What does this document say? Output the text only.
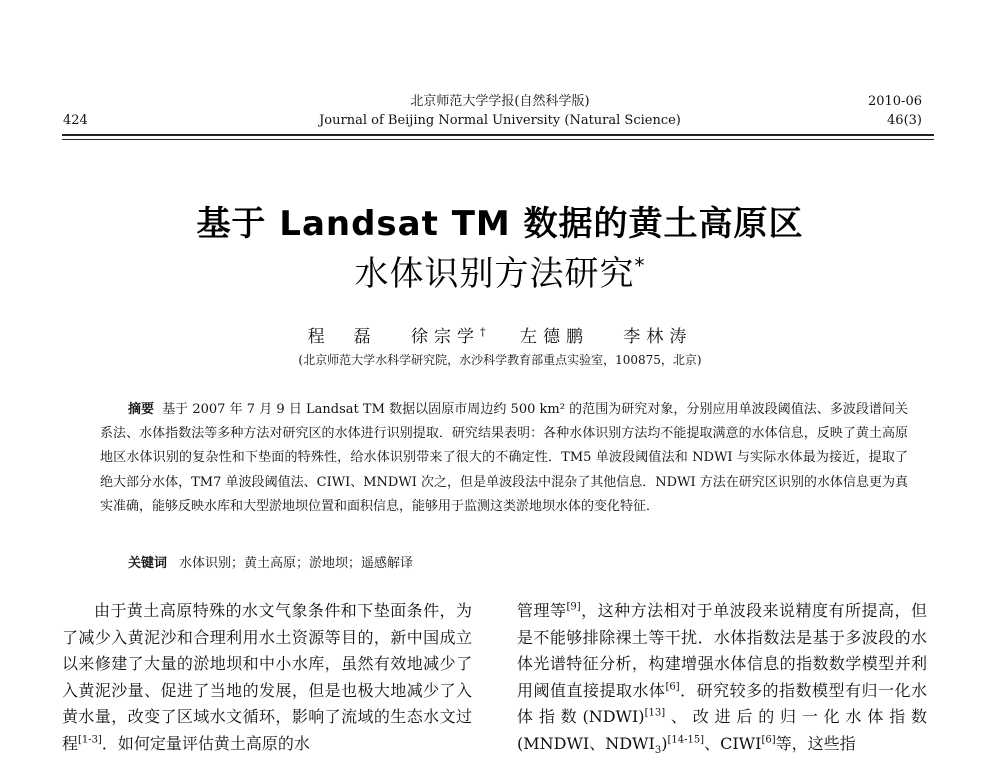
424
北京师范大学学报(自然科学版)
Journal of Beijing Normal University (Natural Science)
2010-06
46(3)
基于 Landsat TM 数据的黄土高原区
水体识别方法研究*
程　磊　 徐宗学†　 左德鹏　 李林涛
(北京师范大学水科学研究院，水沙科学教育部重点实验室，100875，北京)

摘要 基于 2007 年 7 月 9 日 Landsat TM 数据以固原市周边约 500 km² 的范围为研究对象，分别应用单波段阈值法、多波段谱间关系法、水体指数法等多种方法对研究区的水体进行识别提取．研究结果表明：各种水体识别方法均不能提取满意的水体信息，反映了黄土高原地区水体识别的复杂性和下垫面的特殊性，给水体识别带来了很大的不确定性．TM5 单波段阈值法和 NDWI 与实际水体最为接近，提取了绝大部分水体，TM7 单波段阈值法、CIWI、MNDWI 次之，但是单波段法中混杂了其他信息．NDWI 方法在研究区识别的水体信息更为真实准确，能够反映水库和大型淤地坝位置和面积信息，能够用于监测这类淤地坝水体的变化特征．

关键词 水体识别；黄土高原；淤地坝；遥感解译

由于黄土高原特殊的水文气象条件和下垫面条件，为了减少入黄泥沙和合理利用水土资源等目的，新中国成立以来修建了大量的淤地坝和中小水库，虽然有效地减少了入黄泥沙量、促进了当地的发展，但是也极大地减少了入黄水量，改变了区域水文循环，影响了流域的生态水文过程[1-3]．如何定量评估黄土高原的水

管理等[9]，这种方法相对于单波段来说精度有所提高，但是不能够排除裸土等干扰．水体指数法是基于多波段的水体光谱特征分析，构建增强水体信息的指数数学模型并利用阈值直接提取水体[6]．研究较多的指数模型有归一化水体指数(NDWI)[13]、改进后的归一化水体指数(MNDWI、$NDWI_3)[14-15]$、CIWI[6]等，这些指
